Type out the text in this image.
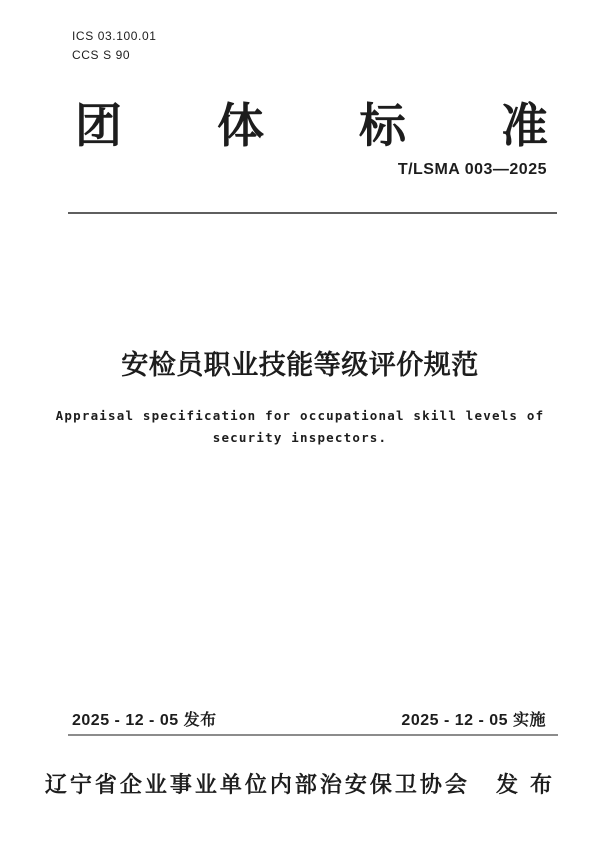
ICS 03.100.01
CCS S 90
团 体 标 准
T/LSMA 003—2025
安检员职业技能等级评价规范
Appraisal specification for occupational skill levels of
security inspectors.
2025 - 12 - 05 发布	2025 - 12 - 05 实施
辽宁省企业事业单位内部治安保卫协会 发 布
